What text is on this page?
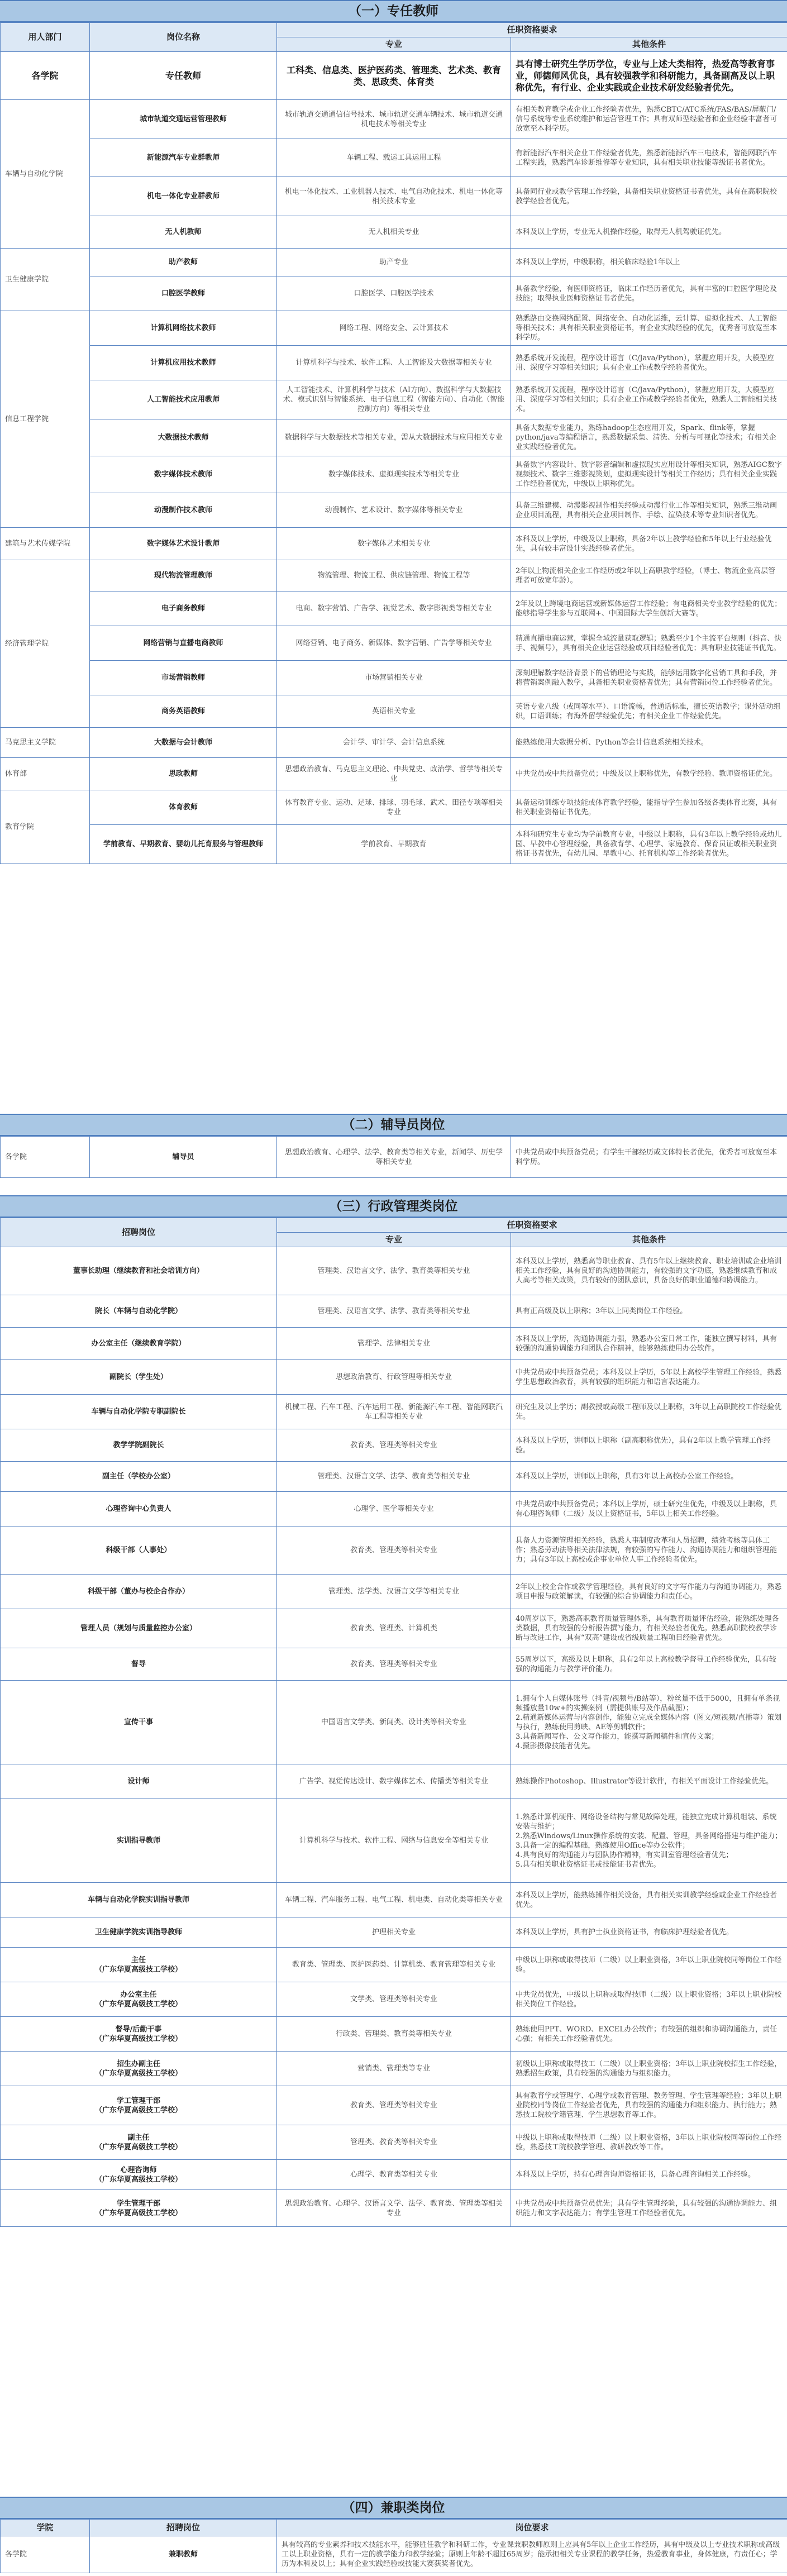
（一）专任教师
用人部门	岗位名称	任职资格要求	
		专业	其他条件
各学院	专任教师	工科类、信息类、医护医药类、管理类、艺术类、教育类、思政类、体育类	具有博士研究生学历学位，专业与上述大类相符，热爱高等教育事业，师德师风优良，具有较强教学和科研能力，具备副高及以上职称优先，有行业、企业实践或企业技术研发经验者优先。
车辆与自动化学院	城市轨道交通运营管理教师	城市轨道交通通信信号技术、城市轨道交通车辆技术、城市轨道交通机电技术等相关专业	有相关教育教学或企业工作经验者优先，熟悉CBTC/ATC系统/FAS/BAS/屏蔽门/信号系统等专业系统维护和运营管理工作；具有双师型经验者和企业经验丰富者可放宽至本科学历。
	新能源汽车专业群教师	车辆工程、载运工具运用工程	有新能源汽车相关企业工作经验者优先，熟悉新能源汽车三电技术，智能网联汽车工程实践，熟悉汽车诊断维修等专业知识，具有相关职业技能等级证书者优先。
	机电一体化专业群教师	机电一体化技术、工业机器人技术、电气自动化技术、机电一体化等相关技术专业	具备同行业或教学管理工作经验，具备相关职业资格证书者优先，具有在高职院校教学经验者优先。
	无人机教师	无人机相关专业	本科及以上学历，专业无人机操作经验，取得无人机驾驶证优先。
卫生健康学院	助产教师	助产专业	本科及以上学历，中级职称，相关临床经验1年以上
	口腔医学教师	口腔医学、口腔医学技术	具备教学经验，有医师资格证，临床工作经历者优先，具有丰富的口腔医学理论及技能；取得执业医师资格证书者优先。
信息工程学院	计算机网络技术教师	网络工程、网络安全、云计算技术	熟悉路由交换网络配置、网络安全、自动化运维，云计算、虚拟化技术、人工智能等相关技术；具有相关职业资格证书，有企业实践经验的优先，优秀者可放宽至本科学历。
	计算机应用技术教师	计算机科学与技术、软件工程、人工智能及大数据等相关专业	熟悉系统开发流程，程序设计语言（C/Java/Python），掌握应用开发，大模型应用、深度学习等相关知识；具有企业工作或教学经验者优先。
	人工智能技术应用教师	人工智能技术、计算机科学与技术（AI方向）、数据科学与大数据技术、模式识别与智能系统、电子信息工程（智能方向）、自动化（智能控制方向）等相关专业	熟悉系统开发流程，程序设计语言（C/Java/Python），掌握应用开发，大模型应用、深度学习等相关知识；具有企业工作或教学经验者优先，熟悉人工智能相关技术。
	大数据技术教师	数据科学与大数据技术等相关专业，需从大数据技术与应用相关专业	具备大数据专业能力，熟练hadoop生态应用开发，Spark、flink等，掌握python/java等编程语言，熟悉数据采集、清洗、分析与可视化等技术；有相关企业实践经验者优先。
	数字媒体技术教师	数字媒体技术、虚拟现实技术等相关专业	具备数字内容设计、数字影音编辑和虚拟现实应用设计等相关知识，熟悉AIGC数字视频技术、数字三维影视策划，虚拟现实设计等相关工作经历；具有相关企业实践工作经验者优先，中级以上职称优先。
	动漫制作技术教师	动漫制作、艺术设计、数字媒体等相关专业	具备三维建模、动漫影视制作相关经验或动漫行业工作等相关知识，熟悉三维动画企业项目流程，具有相关企业项目制作、手绘、渲染技术等专业知识者优先。
建筑与艺术传媒学院	数字媒体艺术设计教师	数字媒体艺术相关专业	本科及以上学历，中级及以上职称，具备2年以上教学经验和5年以上行业经验优先，具有较丰富设计实践经验者优先。
经济管理学院	现代物流管理教师	物流管理、物流工程、供应链管理、物流工程等	2年以上物流相关企业工作经历或2年以上高职教学经验，（博士、物流企业高层管理者可放宽年龄）。
	电子商务教师	电商、数字营销、广告学、视觉艺术、数字影视类等相关专业	2年及以上跨境电商运营或新媒体运营工作经验；有电商相关专业教学经验的优先；能够指导学生参与互联网+、中国国际大学生创新大赛等。
	网络营销与直播电商教师	网络营销、电子商务、新媒体、数字营销、广告学等相关专业	精通直播电商运营，掌握全域流量获取逻辑；熟悉至少1个主流平台规则（抖音、快手、视频号），具有相关企业运营经验或项目经验者优先；具有职业技能证书优先。
	市场营销教师	市场营销相关专业	深刻理解数字经济背景下的营销理论与实践，能够运用数字化营销工具和手段，并将营销案例融入教学，具备相关职业资格者优先；具有营销岗位工作经验者优先。
	商务英语教师	英语相关专业	英语专业八级（或同等水平）、口语流畅，普通话标准，擅长英语教学；课外活动组织，口语训练；有海外留学经验优先；有相关企业工作经验优先。
马克思主义学院	大数据与会计教师	会计学、审计学、会计信息系统	能熟练使用大数据分析、Python等会计信息系统相关技术。
体育部	思政教师	思想政治教育、马克思主义理论、中共党史、政治学、哲学等相关专业	中共党员或中共预备党员；中级及以上职称优先，有教学经验、教师资格证优先。
教育学院	体育教师	体育教育专业、运动、足球、排球、羽毛球、武术、田径专项等相关专业	具备运动训练专项技能或体育教学经验，能指导学生参加各级各类体育比赛，具有相关职业资格证书优先。
	学前教育、早期教育、婴幼儿托育服务与管理教师	学前教育、早期教育	本科和研究生专业均为学前教育专业，中级以上职称，具有3年以上教学经验或幼儿园、早教中心管理经验，具备教育学、心理学、家庭教育、保育员证或相关职业资格证书者优先，有幼儿园、早教中心、托育机构等工作经验者优先。
（二）辅导员岗位
各学院	辅导员	思想政治教育、心理学、法学、教育类等相关专业，新闻学、历史学等相关专业	中共党员或中共预备党员；有学生干部经历或文体特长者优先，优秀者可放宽至本科学历。
（三）行政管理类岗位
招聘岗位	任职资格要求	
	专业	其他条件
董事长助理（继续教育和社会培训方向）	管理类、汉语言文学、法学、教育类等相关专业	本科及以上学历，熟悉高等职业教育、具有5年以上继续教育、职业培训或企业培训相关工作经验，具有良好的沟通协调能力，有较强的文字功底，熟悉继续教育和成人高考等相关政策，具有较好的团队意识，具备良好的职业道德和协调能力。
院长（车辆与自动化学院）	管理类、汉语言文学、法学、教育类等相关专业	具有正高级及以上职称；3年以上同类岗位工作经验。
办公室主任（继续教育学院）	管理学、法律相关专业	本科及以上学历，沟通协调能力强，熟悉办公室日常工作，能独立撰写材料，具有较强的沟通协调能力和团队合作精神，能够熟练使用办公软件。
副院长（学生处）	思想政治教育、行政管理等相关专业	中共党员或中共预备党员；本科及以上学历，5年以上高校学生管理工作经验，熟悉学生思想政治教育，具有较强的组织能力和语言表达能力。
车辆与自动化学院专职副院长	机械工程、汽车工程、汽车运用工程、新能源汽车工程、智能网联汽车工程等相关专业	研究生及以上学历；副教授或高级工程师及以上职称，3年以上高职院校工作经验优先。
教学学院副院长	教育类、管理类等相关专业	本科及以上学历，讲师以上职称（副高职称优先），具有2年以上教学管理工作经验。
副主任（学校办公室）	管理类、汉语言文学、法学、教育类等相关专业	本科及以上学历，讲师以上职称，具有3年以上高校办公室工作经验。
心理咨询中心负责人	心理学、医学等相关专业	中共党员或中共预备党员；本科以上学历，硕士研究生优先，中级及以上职称，具有心理咨询师（二级）及以上资格证书，5年以上相关工作经验。
科级干部（人事处）	教育类、管理类等相关专业	具备人力资源管理相关经验，熟悉人事制度改革和人员招聘，绩效考核等具体工作；熟悉劳动法等相关法律法规，有较强的写作能力、沟通协调能力和组织管理能力；具有3年以上高校或企事业单位人事工作经验者优先。
科级干部（董办与校企合作办）	管理类、法学类、汉语言文学等相关专业	2年以上校企合作或教学管理经验，具有良好的文字写作能力与沟通协调能力，熟悉项目申报与政策解读，有较强的综合协调能力和责任心。
管理人员（规划与质量监控办公室）	教育类、管理类、计算机类	40周岁以下，熟悉高职教育质量管理体系，具有教育质量评估经验，能熟练处理各类数据，具有较强的分析报告撰写能力，有相关经验者优先。熟悉高职院校教学诊断与改进工作，具有“双高”建设或省级质量工程项目经验者优先。
督导	教育类、管理类等相关专业	55周岁以下，高级及以上职称，具有2年以上高校教学督导工作经验优先，具有较强的沟通能力与教学评价能力。
宣传干事	中国语言文学类、新闻类、设计类等相关专业	1.拥有个人自媒体账号（抖音/视频号/B站等），粉丝量不低于5000，且拥有单条视频播放量10w+的实操案例（需提供账号及作品截图）；
2.精通新媒体运营与内容创作，能独立完成全媒体内容（图文/短视频/直播等）策划与执行，熟练使用剪映、AE等剪辑软件；
3.具备新闻写作、公文写作能力，能撰写新闻稿件和宣传文案；
4.摄影摄像技能者优先。
设计师	广告学、视觉传达设计、数字媒体艺术、传播类等相关专业	熟练操作Photoshop、Illustrator等设计软件，有相关平面设计工作经验优先。
实训指导教师	计算机科学与技术、软件工程、网络与信息安全等相关专业	1.熟悉计算机硬件、网络设备结构与常见故障处理，能独立完成计算机组装、系统安装与维护；
2.熟悉Windows/Linux操作系统的安装、配置、管理，具备网络搭建与维护能力；
3.具备一定的编程基础，熟练使用Office等办公软件；
4.具有良好的沟通能力与团队协作精神，有实训室管理经验者优先；
5.具有相关职业资格证书或技能证书者优先。
车辆与自动化学院实训指导教师	车辆工程、汽车服务工程、电气工程、机电类、自动化类等相关专业	本科及以上学历，能熟练操作相关设备，具有相关实训教学经验或企业工作经验者优先。
卫生健康学院实训指导教师	护理相关专业	本科及以上学历，具有护士执业资格证书，有临床护理经验者优先。
主任
（广东华夏高级技工学校）	教育类、管理类、医护医药类、计算机类、教育管理等相关专业	中级以上职称或取得技师（二级）以上职业资格，3年以上职业院校同等岗位工作经验。
办公室主任
（广东华夏高级技工学校）	文学类、管理类等相关专业	中共党员优先，中级以上职称或取得技师（二级）以上职业资格；3年以上职业院校相关岗位工作经验。
督导/后勤干事
（广东华夏高级技工学校）	行政类、管理类、教育类等相关专业	熟练使用PPT、WORD、EXCEL办公软件；有较强的组织和协调沟通能力，责任心强；有相关工作经验者优先。
招生办副主任
（广东华夏高级技工学校）	营销类、管理类等专业	初级以上职称或取得技工（二级）以上职业资格；3年以上职业院校招生工作经验，熟悉招生政策，具有较强的沟通能力与组织能力。
学工管理干部
（广东华夏高级技工学校）	教育类、管理类等相关专业	具有教育学或管理学、心理学或教育管理、教务管理、学生管理等经验；3年以上职业院校同等岗位工作经验者优先，具有较强的沟通能力和组织能力、执行能力；熟悉技工院校学籍管理、学生思想教育等工作。
副主任
（广东华夏高级技工学校）	管理类、教育类等相关专业	中级以上职称或取得技师（二级）以上职业资格，3年以上职业院校同等岗位工作经验，熟悉技工院校教学管理、教研教改等工作。
心理咨询师
（广东华夏高级技工学校）	心理学、教育类等相关专业	本科及以上学历，持有心理咨询师资格证书，具备心理咨询相关工作经验。
学生管理干部
（广东华夏高级技工学校）	思想政治教育、心理学、汉语言文学、法学、教育类、管理类等相关专业	中共党员或中共预备党员优先；具有学生管理经验，具有较强的沟通协调能力、组织能力和文字表达能力；有学生管理工作经验者优先。
（四）兼职类岗位
学院	招聘岗位	岗位要求
各学院	兼职教师	具有较高的专业素养和技术技能水平，能够胜任教学和科研工作，专业课兼职教师原则上应具有5年以上企业工作经历，具有中级及以上专业技术职称或高级工以上职业资格，具有一定的教学能力和教学经验；原则上年龄不超过65周岁；能承担相关专业课程的教学任务，热爱教育事业，身体健康，有责任心；学历为本科及以上；具有企业实践经验或技能大赛获奖者优先。
